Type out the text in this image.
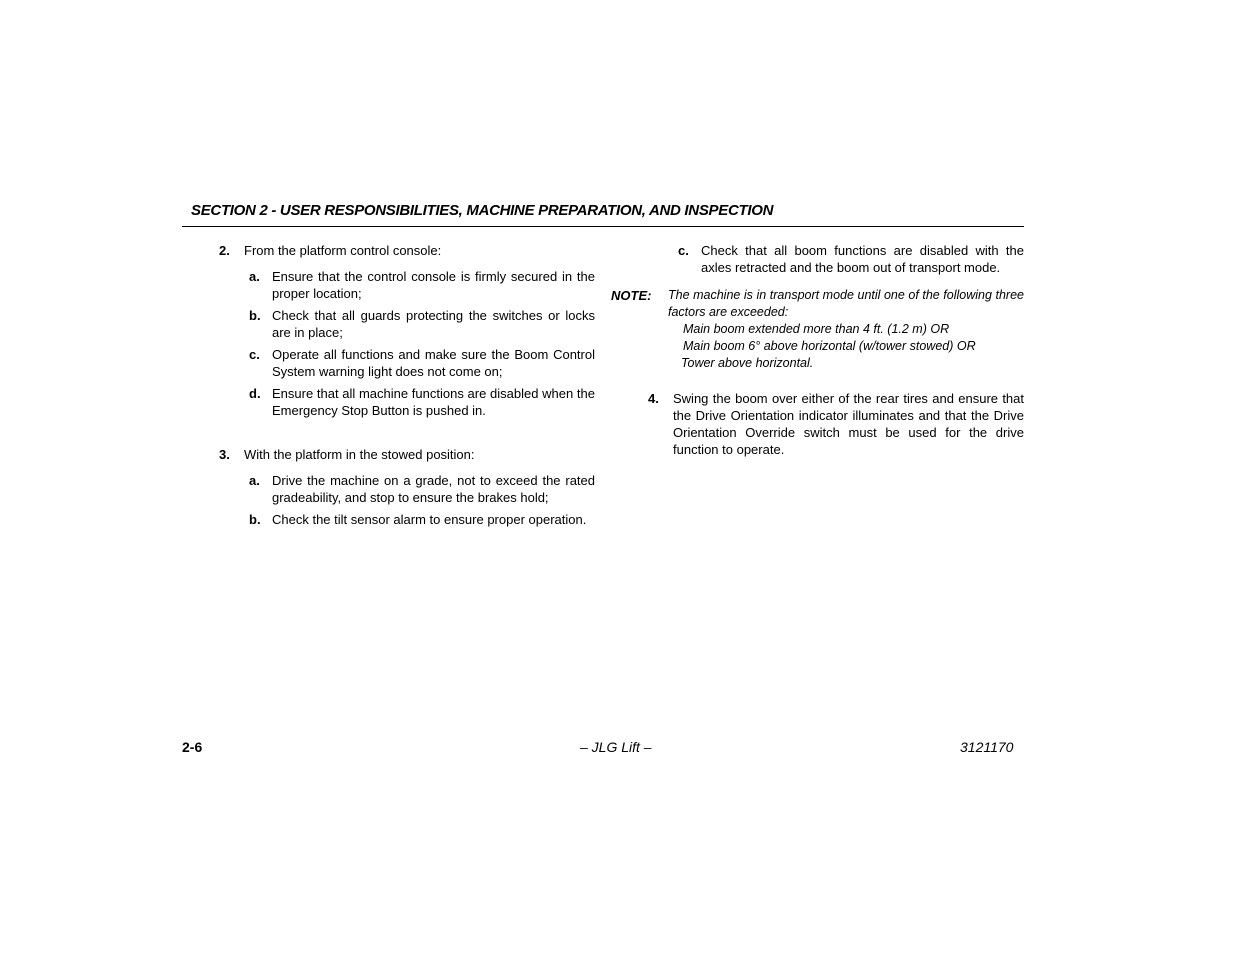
SECTION 2 - USER RESPONSIBILITIES, MACHINE PREPARATION, AND INSPECTION
2. From the platform control console:
a. Ensure that the control console is firmly secured in the proper location;
b. Check that all guards protecting the switches or locks are in place;
c. Operate all functions and make sure the Boom Control System warning light does not come on;
d. Ensure that all machine functions are disabled when the Emergency Stop Button is pushed in.
3. With the platform in the stowed position:
a. Drive the machine on a grade, not to exceed the rated gradeability, and stop to ensure the brakes hold;
b. Check the tilt sensor alarm to ensure proper operation.
c. Check that all boom functions are disabled with the axles retracted and the boom out of transport mode.
NOTE: The machine is in transport mode until one of the following three factors are exceeded:
Main boom extended more than 4 ft. (1.2 m) OR
Main boom 6° above horizontal (w/tower stowed) OR
Tower above horizontal.
4. Swing the boom over either of the rear tires and ensure that the Drive Orientation indicator illuminates and that the Drive Orientation Override switch must be used for the drive function to operate.
2-6	– JLG Lift –	3121170
